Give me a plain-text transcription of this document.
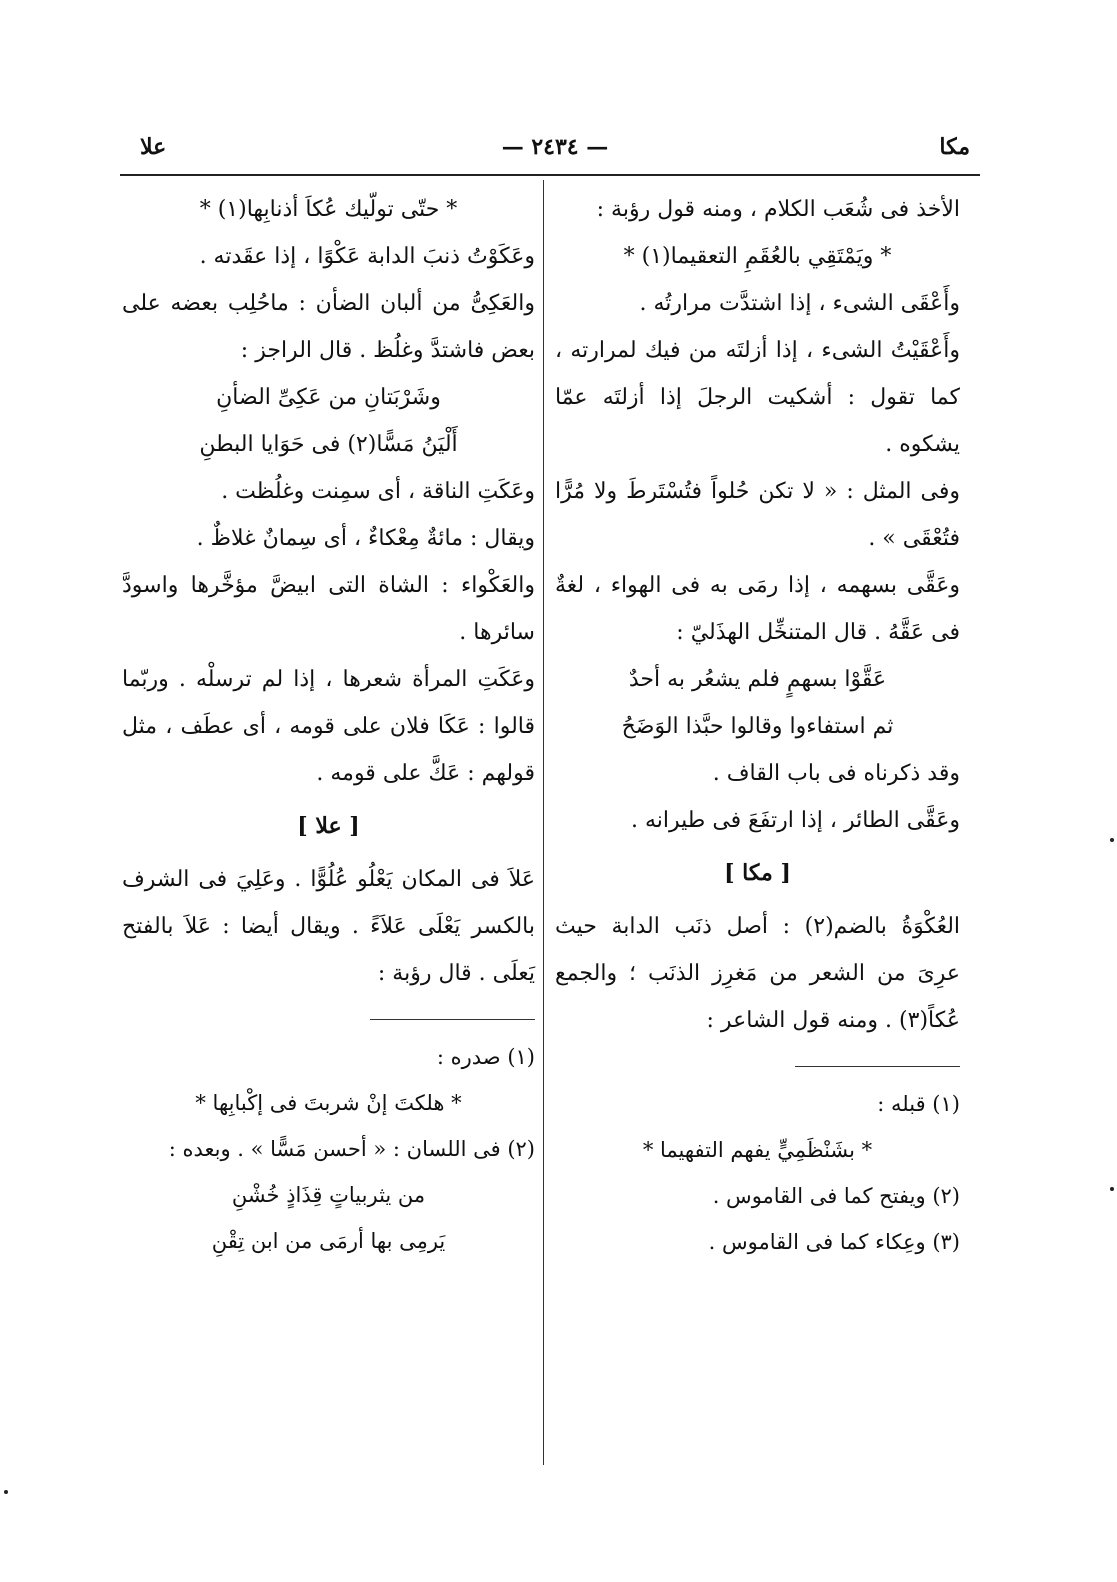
مكا
— ٢٤٣٤ —
علا

الأخذ فى شُعَب الكلام ، ومنه قول رؤبة :

* ويَمْتَقِي بالعُقَمِ التعقيما(١) *

وأَعْقَى الشىء ، إذا اشتدَّت مرارتُه .

وأَعْقَيْتُ الشىء ، إذا أزلتَه من فيك لمرارته ، كما تقول : أشكيت الرجلَ إذا أزلتَه عمّا يشكوه .

وفى المثل : « لا تكن حُلواً فتُسْتَرطَ ولا مُرًّا فتُعْقَى » .

وعَقَّى بسهمه ، إذا رمَى به فى الهواء ، لغةٌ فى عَقَّهُ . قال المتنخِّل الهذَليّ :

عَقَّوْا بسهمٍ فلم يشعُر به أحدٌ

ثم استفاءوا وقالوا حبَّذا الوَضَحُ

وقد ذكرناه فى باب القاف .

وعَقَّى الطائر ، إذا ارتفَعَ فى طيرانه .

[ مكا ]

العُكْوَةُ بالضم(٢) : أصل ذنَب الدابة حيث عرِىَ من الشعر من مَغرِز الذنَب ؛ والجمع عُكاً(٣) . ومنه قول الشاعر :

(١) قبله :

* بشَنْظَمِيٍّ يفهم التفهيما *

(٢) ويفتح كما فى القاموس .

(٣) وعِكاء كما فى القاموس .

* حتّى تولّيك عُكاَ أذنابِها(١) *

وعَكَوْتُ ذنبَ الدابة عَكْوًا ، إذا عقَدته .

والعَكِىُّ من ألبان الضأن : ماحُلِب بعضه على بعض فاشتدَّ وغلُظ . قال الراجز :

وشَرْبَتانِ من عَكِىِّ الضأنِ

أَلْيَنُ مَسًّا(٢) فى حَوَايا البطنِ

وعَكَتِ الناقة ، أى سمِنت وغلُظت .

ويقال : مائةٌ مِعْكاءٌ ، أى سِمانٌ غلاظٌ .

والعَكْواء : الشاة التى ابيضَّ مؤخَّرها واسودَّ سائرها .

وعَكَتِ المرأة شعرها ، إذا لم ترسلْه . وربّما قالوا : عَكَا فلان على قومه ، أى عطَف ، مثل قولهم : عَكَّ على قومه .

[ علا ]

عَلاَ فى المكان يَعْلُو عُلُوًّا . وعَلِيَ فى الشرف بالكسر يَعْلَى عَلاَءً . ويقال أيضا : عَلاَ بالفتح يَعلَى . قال رؤبة :

(١) صدره :

* هلكتَ إنْ شربتَ فى إكْبابِها *

(٢) فى اللسان : « أحسن مَسًّا » . وبعده :

من يثربياتٍ قِذَاذٍ خُشْنِ

يَرمِى بها أرمَى من ابن تِقْنِ
